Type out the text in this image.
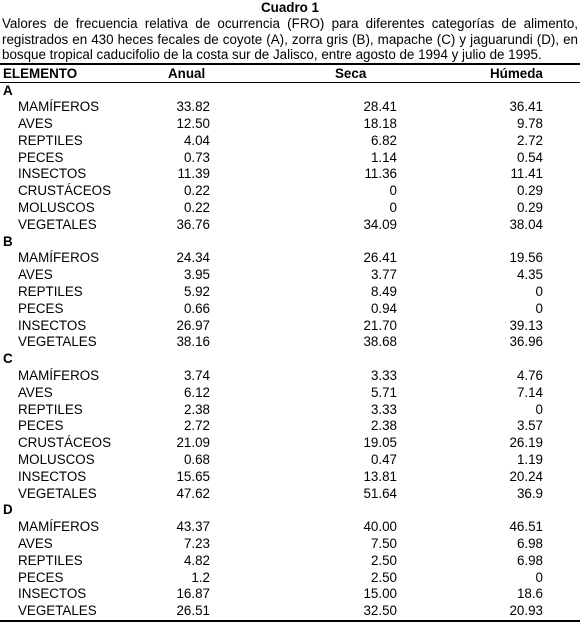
Cuadro 1

Valores de frecuencia relativa de ocurrencia (FRO) para diferentes categorías de alimento, registrados en 430 heces fecales de coyote (A), zorra gris (B), mapache (C) y jaguarundi (D), en bosque tropical caducifolio de la costa sur de Jalisco, entre agosto de 1994 y julio de 1995.

ELEMENTO	Anual	Seca	Húmeda

A			
MAMÍFEROS	33.82	28.41	36.41
AVES	12.50	18.18	9.78
REPTILES	4.04	6.82	2.72
PECES	0.73	1.14	0.54
INSECTOS	11.39	11.36	11.41
CRUSTÁCEOS	0.22	0	0.29
MOLUSCOS	0.22	0	0.29
VEGETALES	36.76	34.09	38.04
B			
MAMÍFEROS	24.34	26.41	19.56
AVES	3.95	3.77	4.35
REPTILES	5.92	8.49	0
PECES	0.66	0.94	0
INSECTOS	26.97	21.70	39.13
VEGETALES	38.16	38.68	36.96
C			
MAMÍFEROS	3.74	3.33	4.76
AVES	6.12	5.71	7.14
REPTILES	2.38	3.33	0
PECES	2.72	2.38	3.57
CRUSTÁCEOS	21.09	19.05	26.19
MOLUSCOS	0.68	0.47	1.19
INSECTOS	15.65	13.81	20.24
VEGETALES	47.62	51.64	36.9
D			
MAMÍFEROS	43.37	40.00	46.51
AVES	7.23	7.50	6.98
REPTILES	4.82	2.50	6.98
PECES	1.2	2.50	0
INSECTOS	16.87	15.00	18.6
VEGETALES	26.51	32.50	20.93
